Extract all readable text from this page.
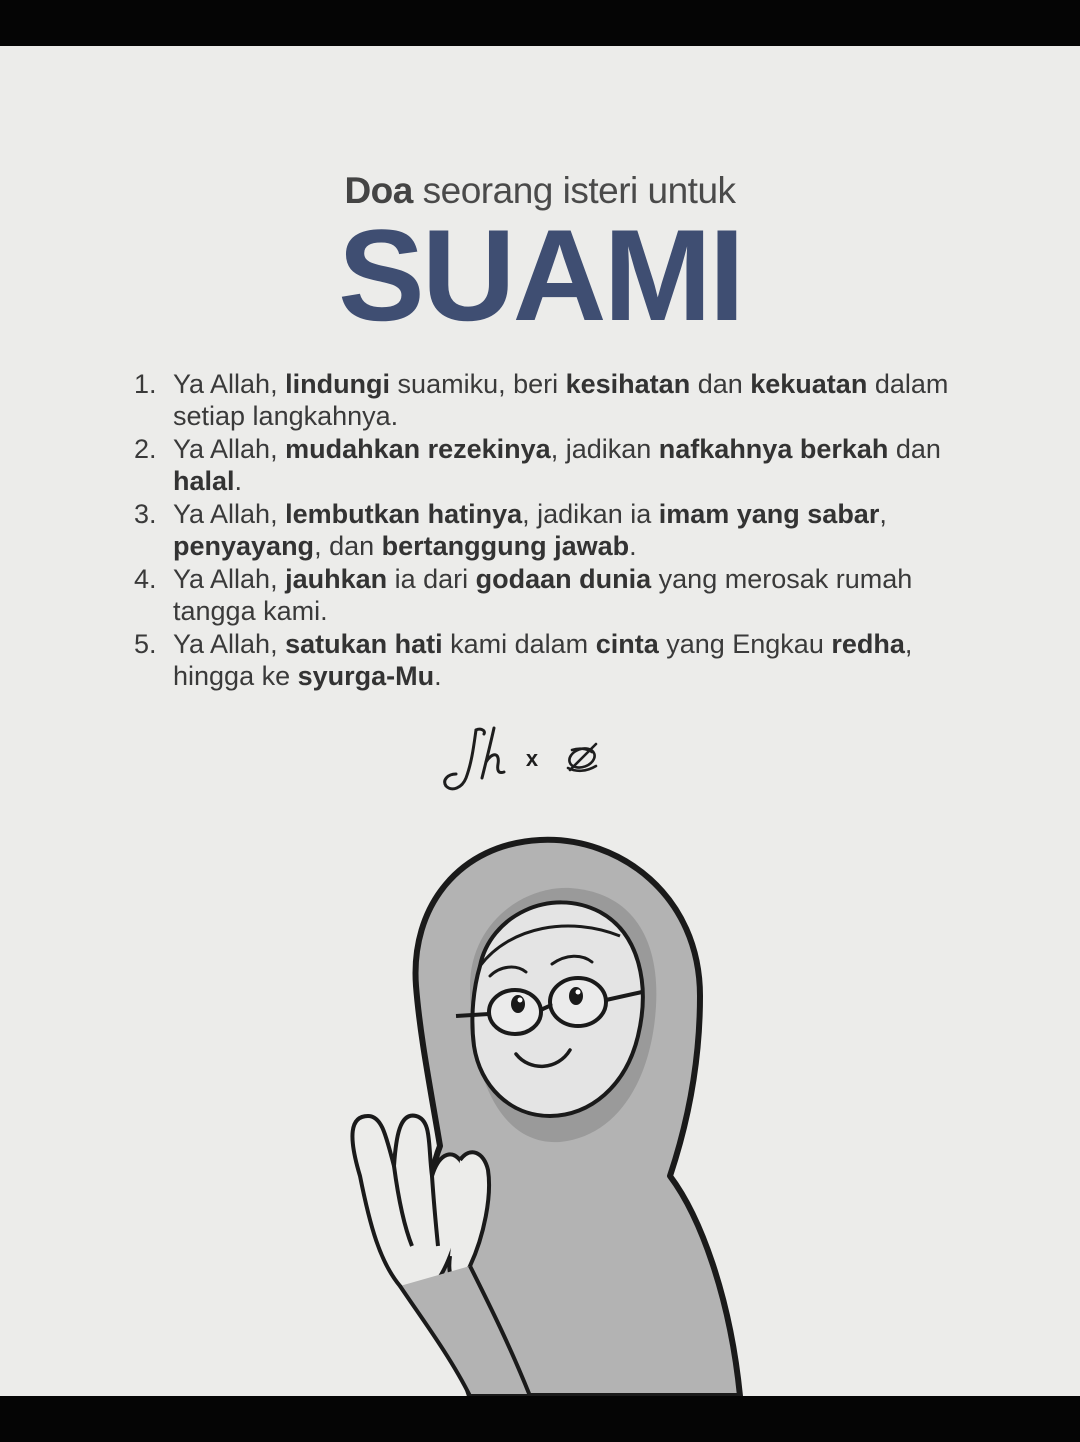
Doa seorang isteri untuk
SUAMI
1. Ya Allah, lindungi suamiku, beri kesihatan dan kekuatan dalam setiap langkahnya.
2. Ya Allah, mudahkan rezekinya, jadikan nafkahnya berkah dan halal.
3. Ya Allah, lembutkan hatinya, jadikan ia imam yang sabar, penyayang, dan bertanggung jawab.
4. Ya Allah, jauhkan ia dari godaan dunia yang merosak rumah tangga kami.
5. Ya Allah, satukan hati kami dalam cinta yang Engkau redha, hingga ke syurga-Mu.
x
